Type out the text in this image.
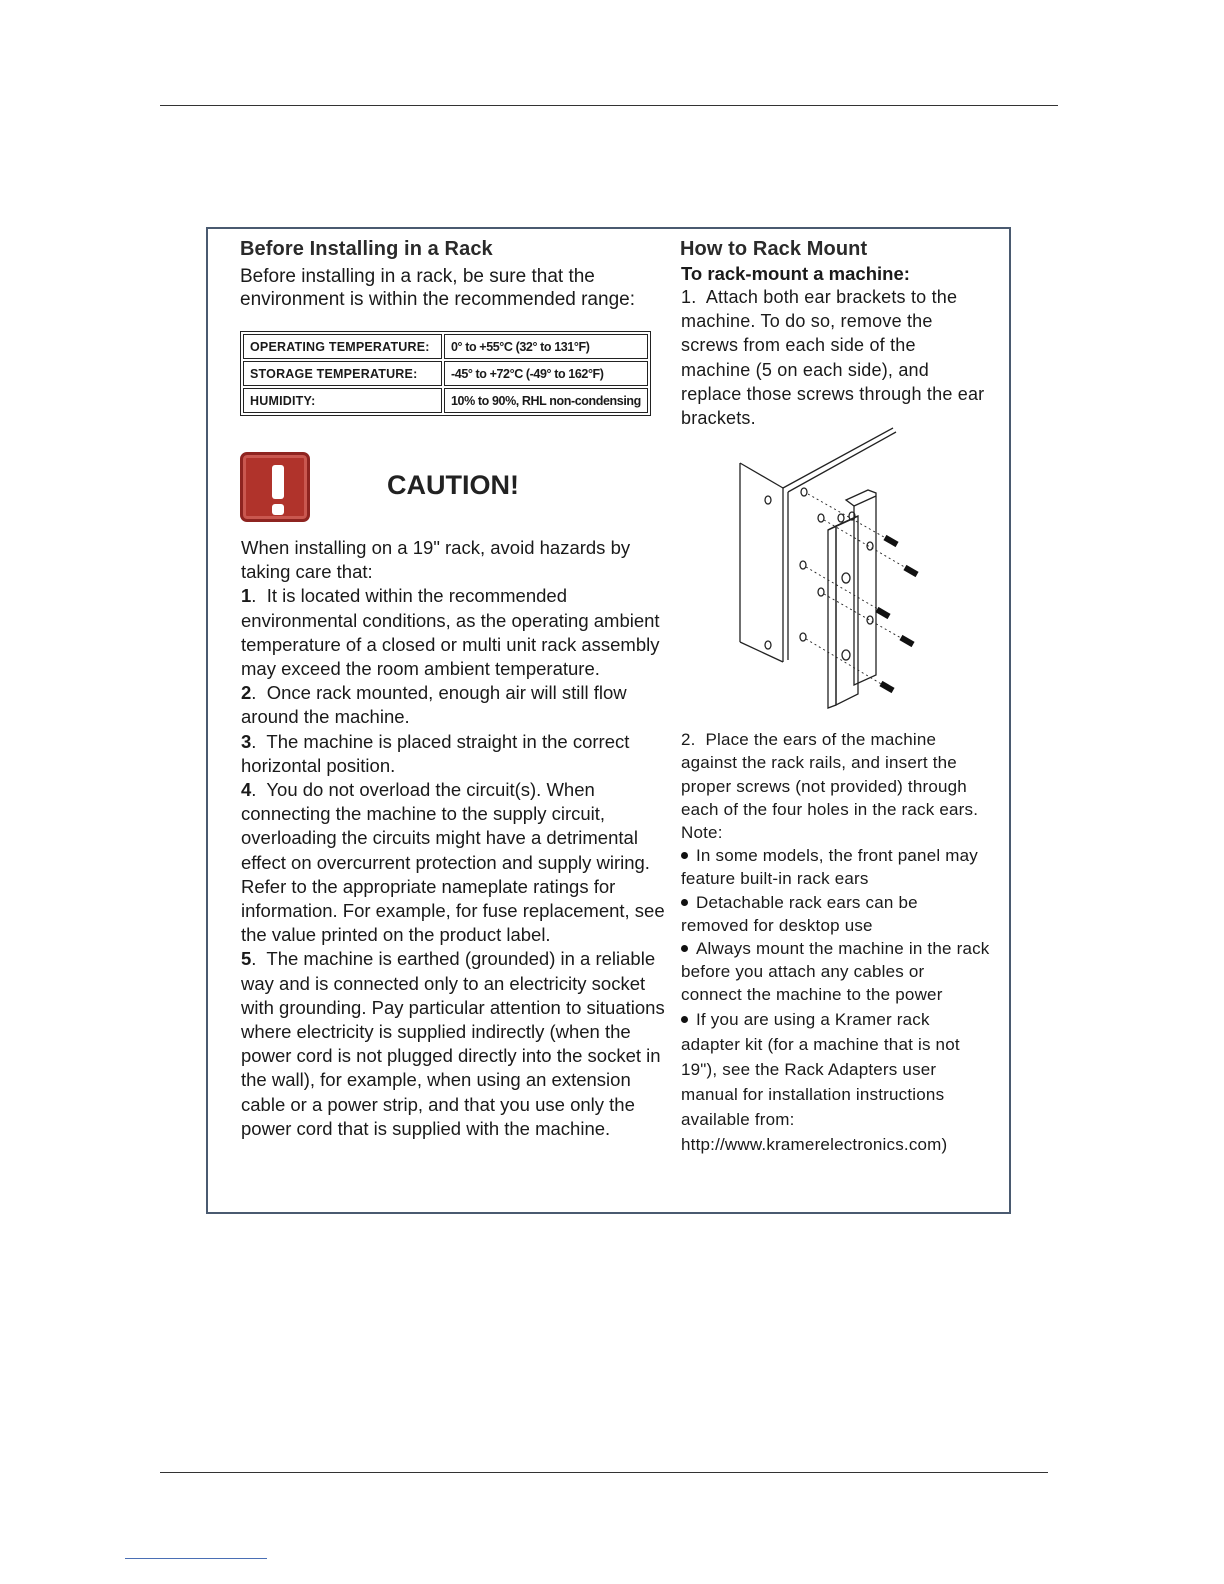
Before Installing in a Rack

Before installing in a rack, be sure that the environment is within the recommended range:

OPERATING TEMPERATURE:	0° to +55°C (32° to 131°F)
STORAGE TEMPERATURE:	-45° to +72°C (-49° to 162°F)
HUMIDITY:	10% to 90%, RHL non-condensing
CAUTION!

When installing on a 19" rack, avoid hazards by taking care that:

1.  It is located within the recommended environmental conditions, as the operating ambient temperature of a closed or multi unit rack assembly may exceed the room ambient temperature.

2.  Once rack mounted, enough air will still flow around the machine.

3.  The machine is placed straight in the correct horizontal position.

4.  You do not overload the circuit(s). When connecting the machine to the supply circuit, overloading the circuits might have a detrimental effect on overcurrent protection and supply wiring. Refer to the appropriate nameplate ratings for information. For example, for fuse replacement, see the value printed on the product label.

5.  The machine is earthed (grounded) in a reliable way and is connected only to an electricity socket with grounding. Pay particular attention to situations where electricity is supplied indirectly (when the power cord is not plugged directly into the socket in the wall), for example, when using an extension cable or a power strip, and that you use only the power cord that is supplied with the machine.

How to Rack Mount
To rack-mount a machine:

1.  Attach both ear brackets to the machine. To do so, remove the screws from each side of the machine (5 on each side), and replace those screws through the ear brackets.

2.  Place the ears of the machine against the rack rails, and insert the proper screws (not provided) through each of the four holes in the rack ears.

Note:

In some models, the front panel may feature built-in rack ears

Detachable rack ears can be removed for desktop use

Always mount the machine in the rack before you attach any cables or connect the machine to the power

If you are using a Kramer rack adapter kit (for a machine that is not 19"), see the Rack Adapters user manual for installation instructions available from: http://www.kramerelectronics.com)
